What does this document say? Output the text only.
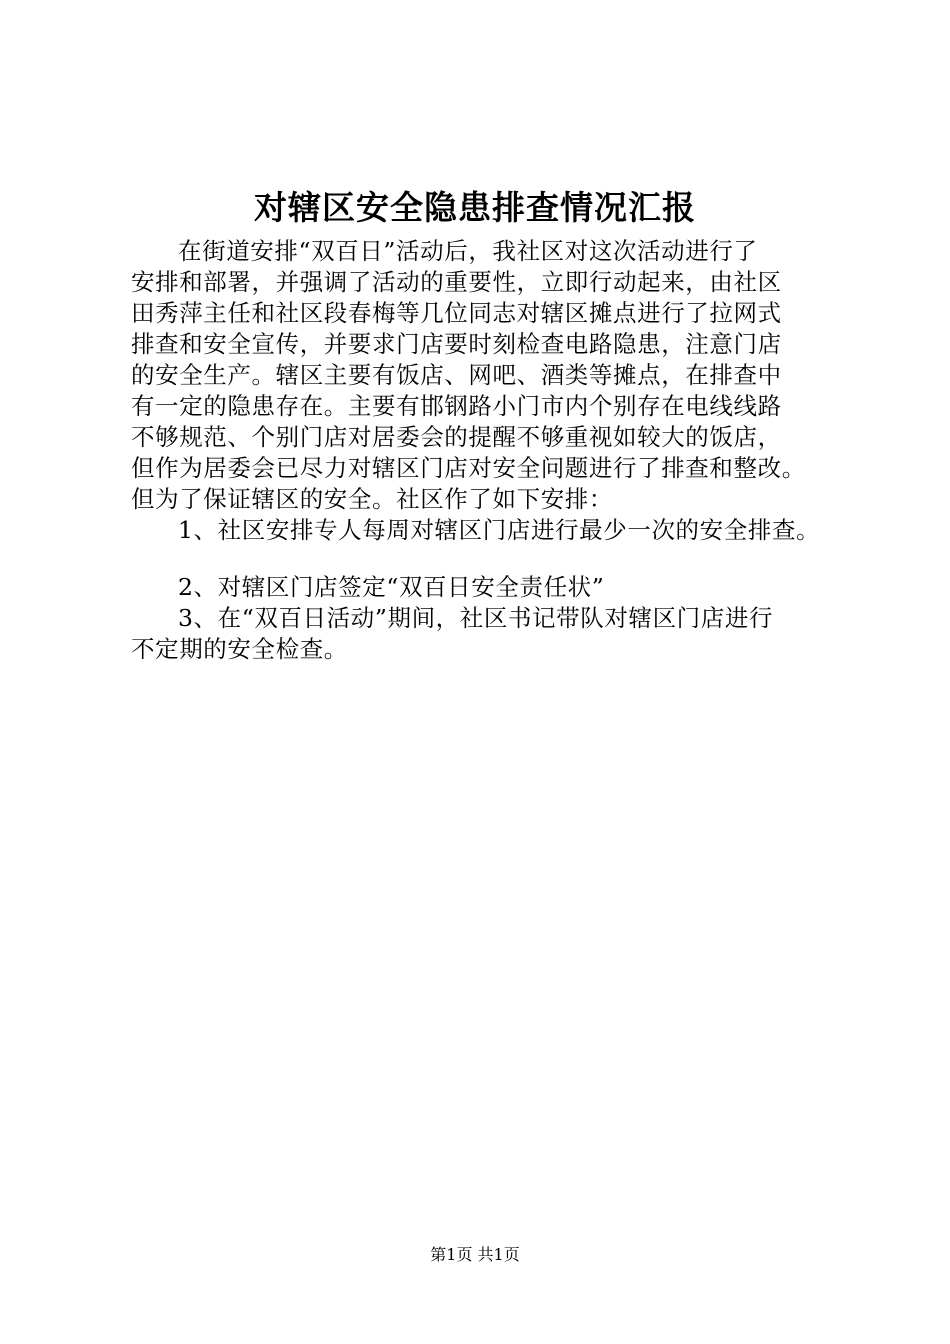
对辖区安全隐患排查情况汇报

在街道安排“双百日”活动后，我社区对这次活动进行了

安排和部署，并强调了活动的重要性，立即行动起来，由社区

田秀萍主任和社区段春梅等几位同志对辖区摊点进行了拉网式

排查和安全宣传，并要求门店要时刻检查电路隐患，注意门店

的安全生产。辖区主要有饭店、网吧、酒类等摊点，在排查中

有一定的隐患存在。主要有邯钢路小门市内个别存在电线线路

不够规范、个别门店对居委会的提醒不够重视如较大的饭店，

但作为居委会已尽力对辖区门店对安全问题进行了排查和整改。

但为了保证辖区的安全。社区作了如下安排：

1、社区安排专人每周对辖区门店进行最少一次的安全排查。

2、对辖区门店签定“双百日安全责任状”

3、在“双百日活动”期间，社区书记带队对辖区门店进行

不定期的安全检查。

第1页 共1页
